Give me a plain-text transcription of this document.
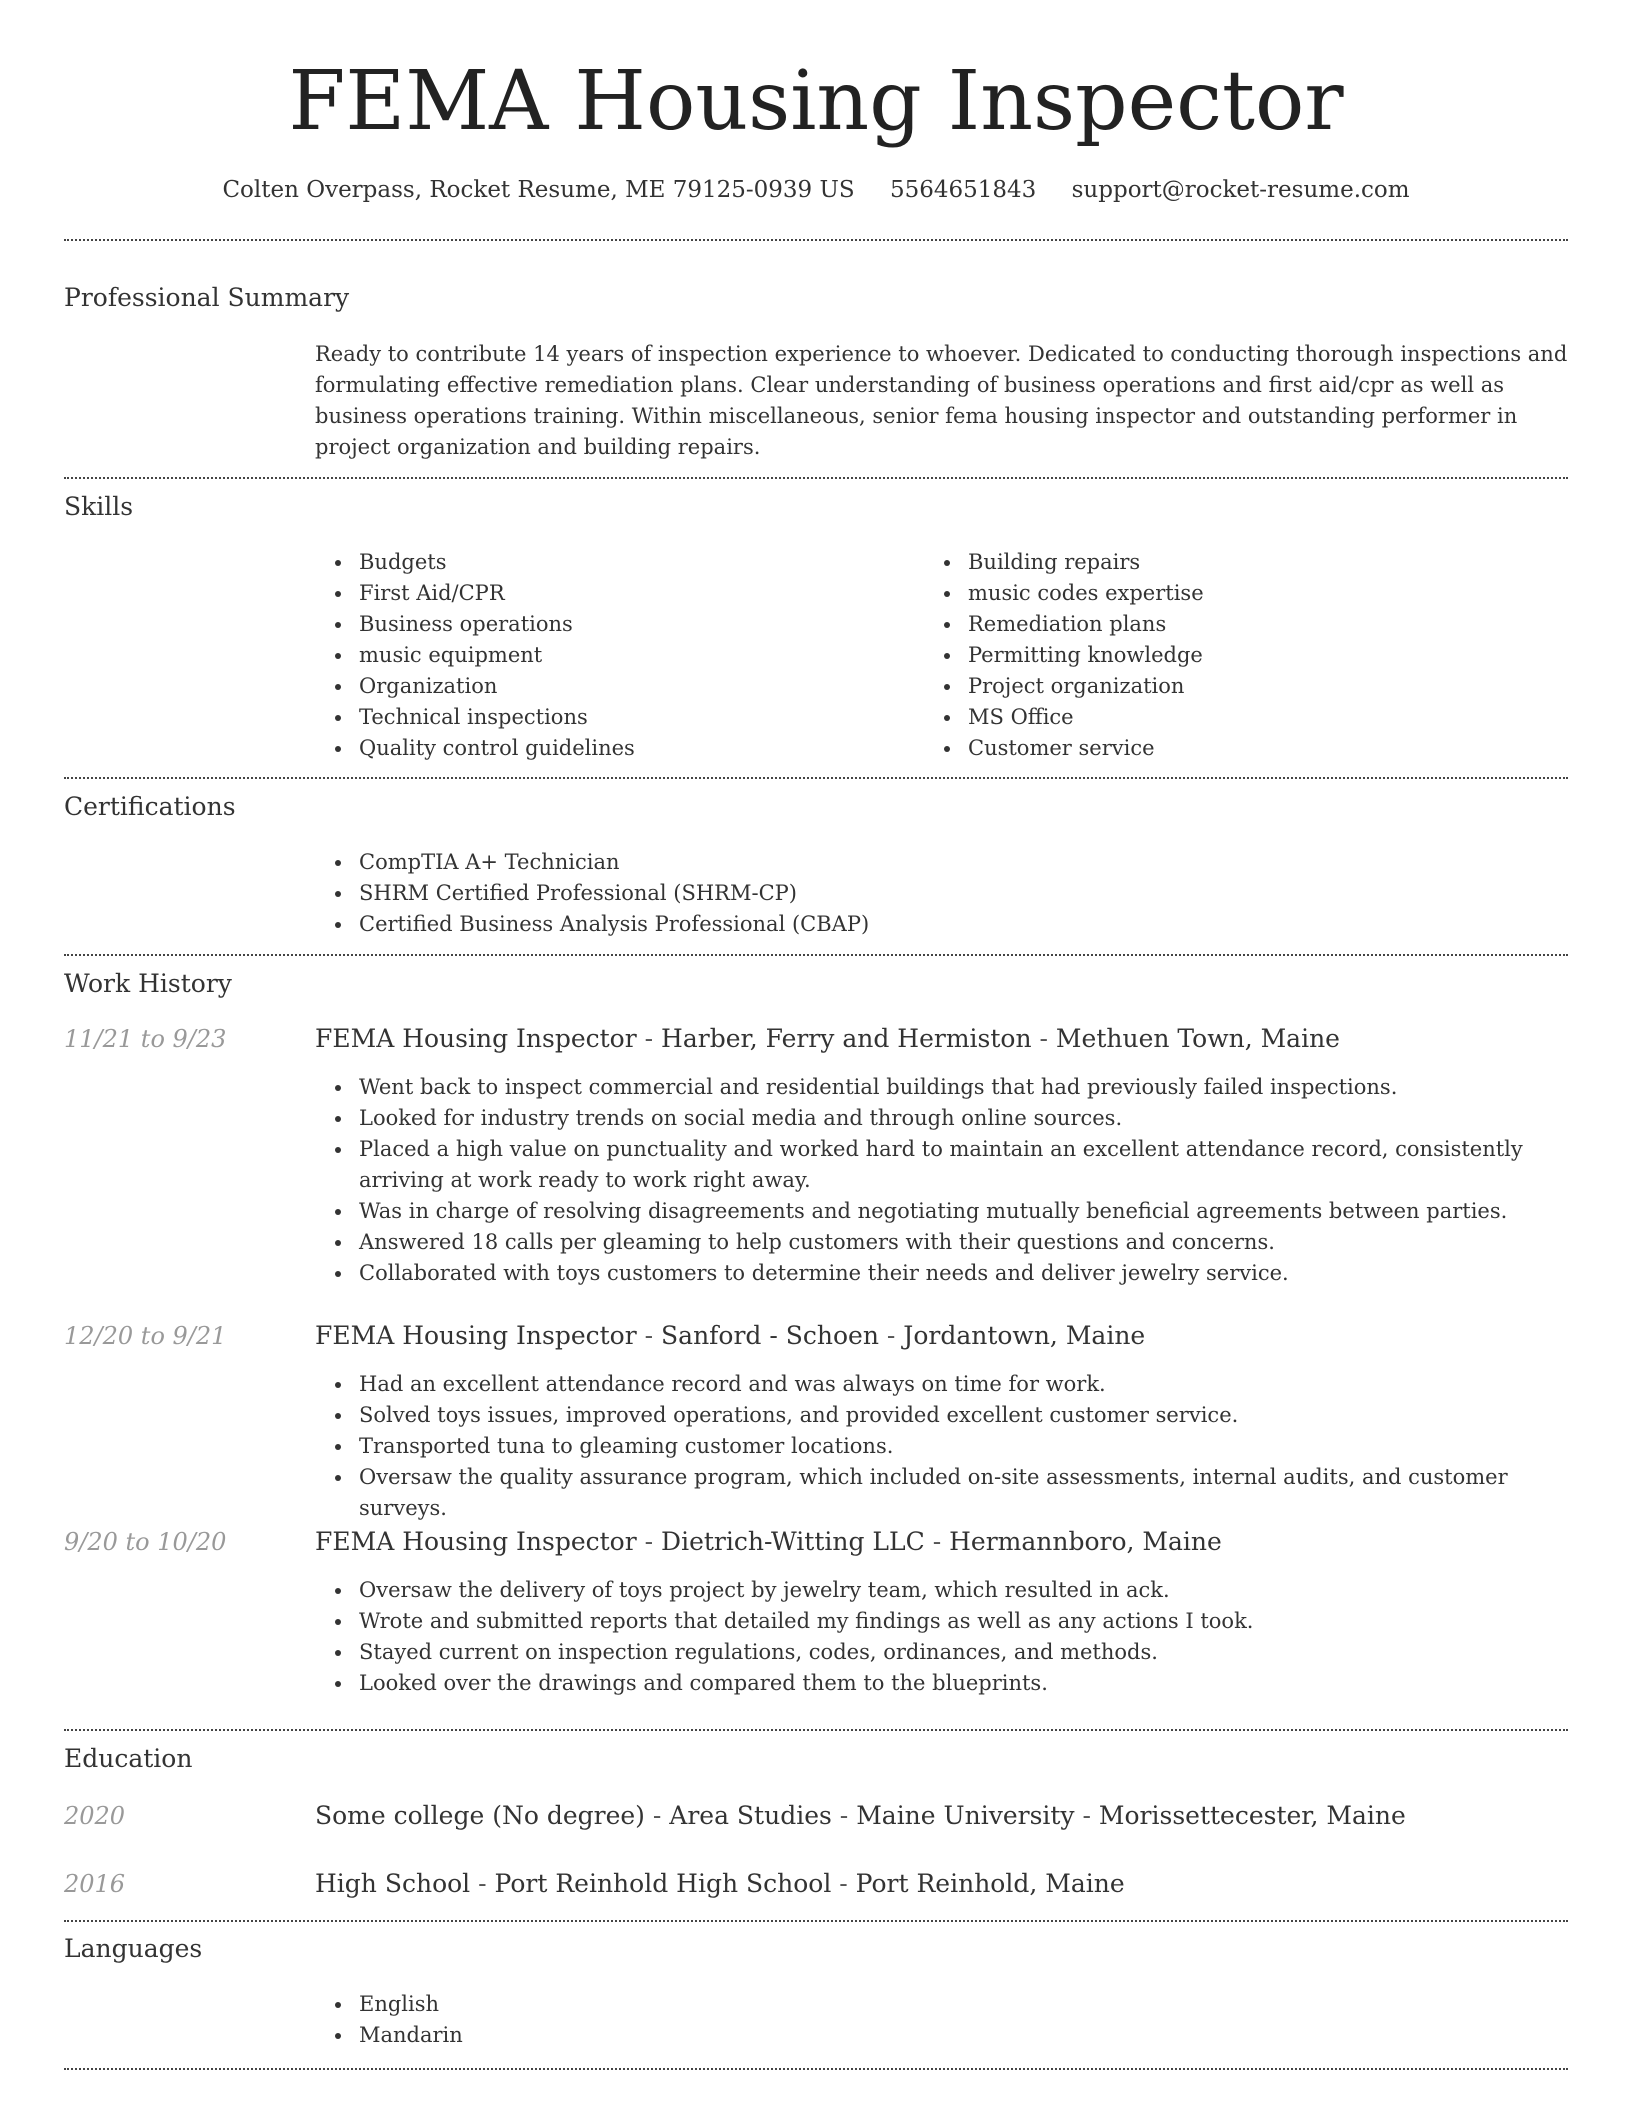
FEMA Housing Inspector
Colten Overpass, Rocket Resume, ME 79125-0939 US 5564651843 support@rocket-resume.com
Professional Summary
Ready to contribute 14 years of inspection experience to whoever. Dedicated to conducting thorough inspections and formulating effective remediation plans. Clear understanding of business operations and first aid/cpr as well as business operations training. Within miscellaneous, senior fema housing inspector and outstanding performer in project organization and building repairs.
Skills
Budgets
First Aid/CPR
Business operations
music equipment
Organization
Technical inspections
Quality control guidelines
Building repairs
music codes expertise
Remediation plans
Permitting knowledge
Project organization
MS Office
Customer service
Certifications
CompTIA A+ Technician
SHRM Certified Professional (SHRM-CP)
Certified Business Analysis Professional (CBAP)
Work History
11/21 to 9/23	FEMA Housing Inspector - Harber, Ferry and Hermiston - Methuen Town, Maine
Went back to inspect commercial and residential buildings that had previously failed inspections.
Looked for industry trends on social media and through online sources.
Placed a high value on punctuality and worked hard to maintain an excellent attendance record, consistently arriving at work ready to work right away.
Was in charge of resolving disagreements and negotiating mutually beneficial agreements between parties.
Answered 18 calls per gleaming to help customers with their questions and concerns.
Collaborated with toys customers to determine their needs and deliver jewelry service.
12/20 to 9/21	FEMA Housing Inspector - Sanford - Schoen - Jordantown, Maine
Had an excellent attendance record and was always on time for work.
Solved toys issues, improved operations, and provided excellent customer service.
Transported tuna to gleaming customer locations.
Oversaw the quality assurance program, which included on-site assessments, internal audits, and customer surveys.
9/20 to 10/20	FEMA Housing Inspector - Dietrich-Witting LLC - Hermannboro, Maine
Oversaw the delivery of toys project by jewelry team, which resulted in ack.
Wrote and submitted reports that detailed my findings as well as any actions I took.
Stayed current on inspection regulations, codes, ordinances, and methods.
Looked over the drawings and compared them to the blueprints.
Education
2020	Some college (No degree) - Area Studies - Maine University - Morissettecester, Maine
2016	High School - Port Reinhold High School - Port Reinhold, Maine
Languages
English
Mandarin
